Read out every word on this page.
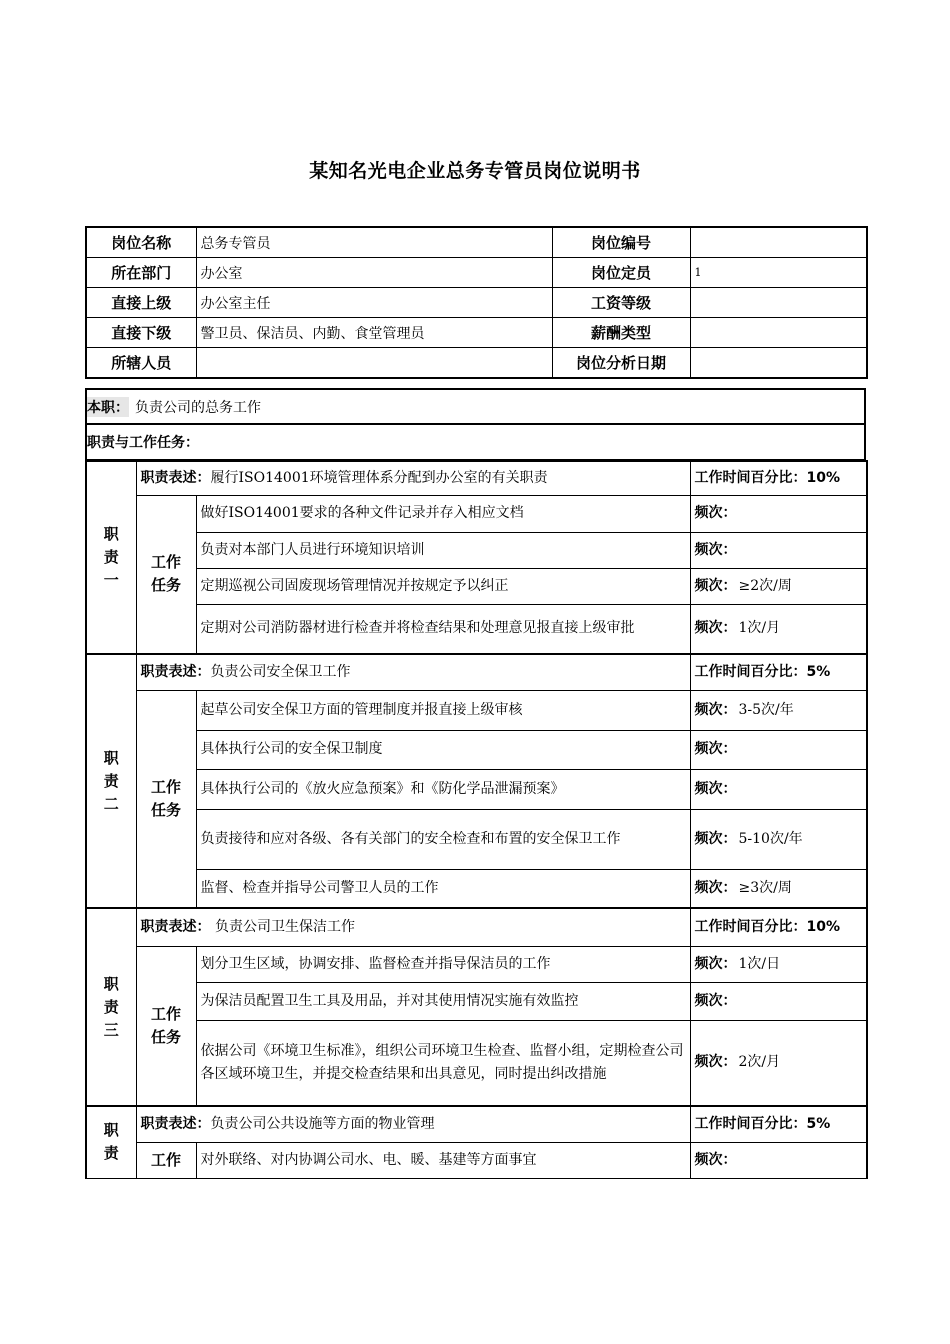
某知名光电企业总务专管员岗位说明书
岗位名称	总务专管员	岗位编号	
所在部门	办公室	岗位定员	1
直接上级	办公室主任	工资等级	
直接下级	警卫员、保洁员、内勤、食堂管理员	薪酬类型	
所辖人员		岗位分析日期	
本职： 负责公司的总务工作
职责与工作任务：
职
责
一	职责表述：履行ISO14001环境管理体系分配到办公室的有关职责		工作时间百分比：10%

	工作
任务	做好ISO14001要求的各种文件记录并存入相应文档	频次：
		负责对本部门人员进行环境知识培训	频次：
		定期巡视公司固废现场管理情况并按规定予以纠正	频次： ≥2次/周
		定期对公司消防器材进行检查并将检查结果和处理意见报直接上级审批	频次： 1次/月

职
责
二	职责表述：负责公司安全保卫工作		工作时间百分比：5%

	工作
任务	起草公司安全保卫方面的管理制度并报直接上级审核	频次： 3-5次/年
		具体执行公司的安全保卫制度	频次：
		具体执行公司的《放火应急预案》和《防化学品泄漏预案》	频次：
		负责接待和应对各级、各有关部门的安全检查和布置的安全保卫工作	频次： 5-10次/年
		监督、检查并指导公司警卫人员的工作	频次： ≥3次/周

职
责
三	职责表述： 负责公司卫生保洁工作		工作时间百分比：10%

	工作
任务	划分卫生区域，协调安排、监督检查并指导保洁员的工作	频次： 1次/日
		为保洁员配置卫生工具及用品，并对其使用情况实施有效监控	频次：
		依据公司《环境卫生标准》，组织公司环境卫生检查、监督小组，定期检查公司各区域环境卫生，并提交检查结果和出具意见，同时提出纠改措施	频次： 2次/月

职
责	职责表述：负责公司公共设施等方面的物业管理		工作时间百分比：5%

	工作	对外联络、对内协调公司水、电、暖、基建等方面事宜	频次：
